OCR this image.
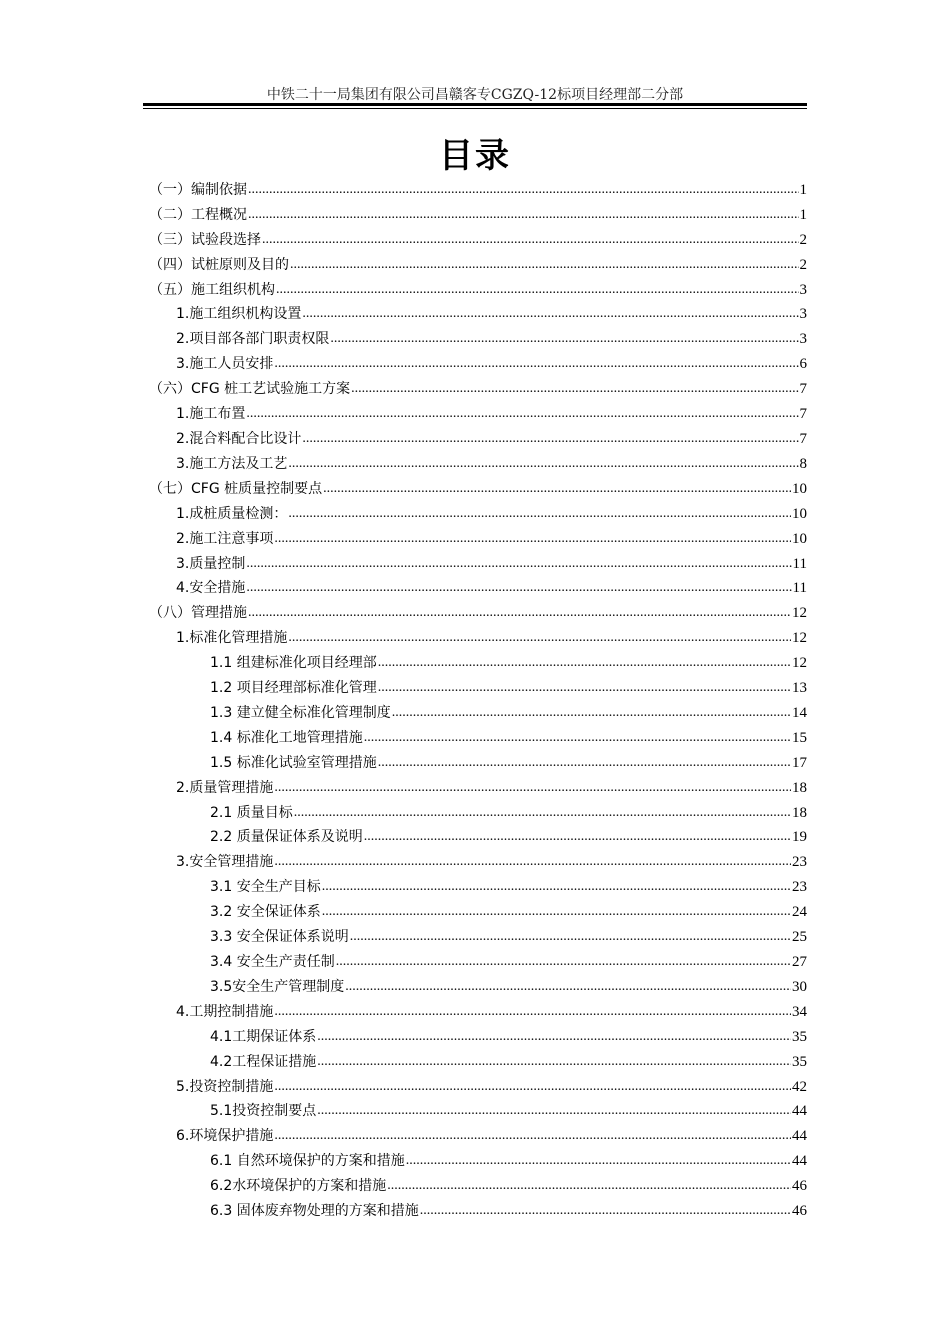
中铁二十一局集团有限公司昌赣客专CGZQ-12标项目经理部二分部
目录
（一）编制依据 .....	1
（二）工程概况 .....	1
（三）试验段选择 .....	2
（四）试桩原则及目的 .....	2
（五）施工组织机构 .....	3
1.施工组织机构设置 .....	3
2.项目部各部门职责权限 .....	3
3.施工人员安排 .....	6
（六）CFG 桩工艺试验施工方案 .....	7
1.施工布置 .....	7
2.混合料配合比设计 .....	7
3.施工方法及工艺 .....	8
（七）CFG 桩质量控制要点 .....	10
1.成桩质量检测： .....	10
2.施工注意事项 .....	10
3.质量控制 .....	11
4.安全措施 .....	11
（八）管理措施 .....	12
1.标准化管理措施 .....	12
1.1 组建标准化项目经理部 .....	12
1.2 项目经理部标准化管理 .....	13
1.3 建立健全标准化管理制度 .....	14
1.4 标准化工地管理措施 .....	15
1.5 标准化试验室管理措施 .....	17
2.质量管理措施 .....	18
2.1 质量目标 .....	18
2.2 质量保证体系及说明 .....	19
3.安全管理措施 .....	23
3.1 安全生产目标 .....	23
3.2 安全保证体系 .....	24
3.3 安全保证体系说明 .....	25
3.4 安全生产责任制 .....	27
3.5安全生产管理制度 .....	30
4.工期控制措施 .....	34
4.1工期保证体系 .....	35
4.2工程保证措施 .....	35
5.投资控制措施 .....	42
5.1投资控制要点 .....	44
6.环境保护措施 .....	44
6.1 自然环境保护的方案和措施 .....	44
6.2水环境保护的方案和措施 .....	46
6.3 固体废弃物处理的方案和措施 .....	46
